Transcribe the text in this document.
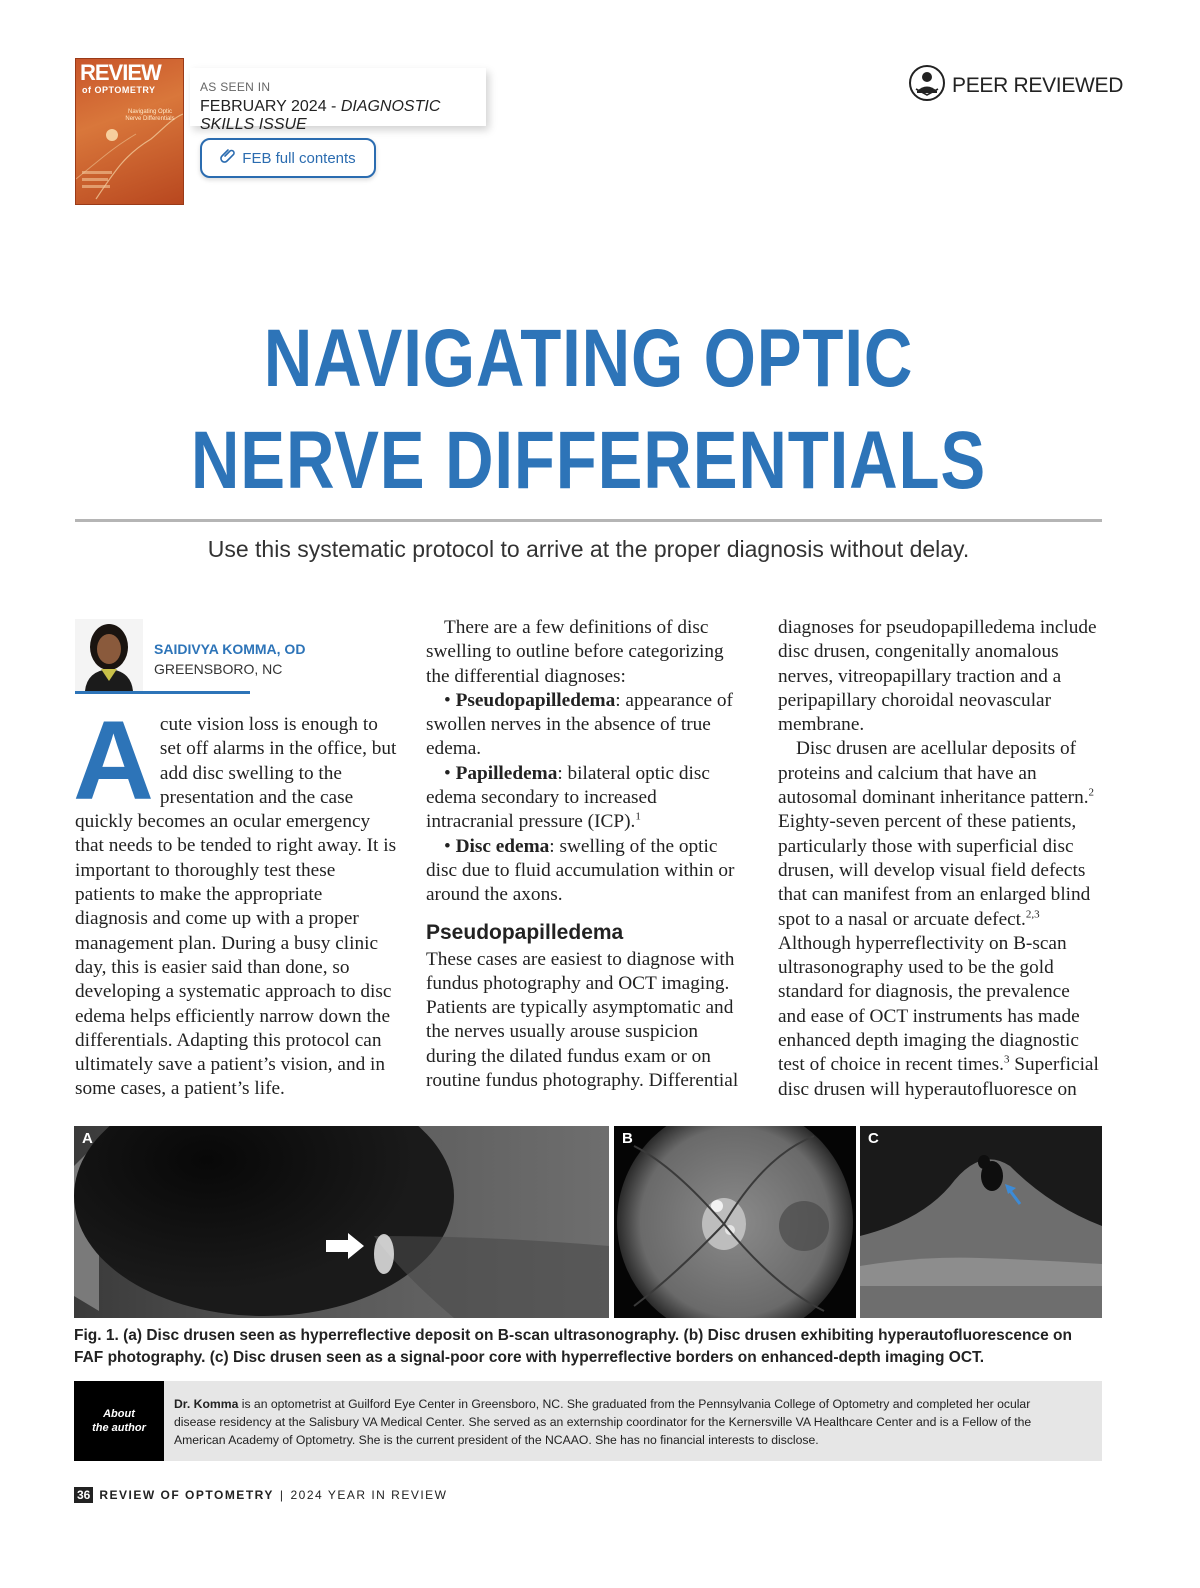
REVIEW
of OPTOMETRY
Navigating Optic Nerve Differentials
AS SEEN IN
FEBRUARY 2024 - DIAGNOSTIC SKILLS ISSUE
FEB full contents
PEER REVIEWED
NAVIGATING OPTIC NERVE DIFFERENTIALS
Use this systematic protocol to arrive at the proper diagnosis without delay.
SAIDIVYA KOMMA, OD
GREENSBORO, NC
A cute vision loss is enough to set off alarms in the office, but add disc swelling to the presentation and the case quickly becomes an ocular emergency that needs to be tended to right away. It is important to thoroughly test these patients to make the appropriate diagnosis and come up with a proper management plan. During a busy clinic day, this is easier said than done, so developing a systematic approach to disc edema helps efficiently narrow down the differentials. Adapting this protocol can ultimately save a patient’s vision, and in some cases, a patient’s life.

There are a few definitions of disc swelling to outline before categorizing the differential diagnoses:

• Pseudopapilledema: appearance of swollen nerves in the absence of true edema.

• Papilledema: bilateral optic disc edema secondary to increased intracranial pressure (ICP).$^1$

• Disc edema: swelling of the optic disc due to fluid accumulation within or around the axons.

Pseudopapilledema

These cases are easiest to diagnose with fundus photography and OCT imaging. Patients are typically asymptomatic and the nerves usually arouse suspicion during the dilated fundus exam or on routine fundus photography. Differential

diagnoses for pseudopapilledema include disc drusen, congenitally anomalous nerves, vitreopapillary traction and a peripapillary choroidal neovascular membrane.

Disc drusen are acellular deposits of proteins and calcium that have an autosomal dominant inheritance pattern.$^2$ Eighty-seven percent of these patients, particularly those with superficial disc drusen, will develop visual field defects that can manifest from an enlarged blind spot to a nasal or arcuate defect.$^{2,3}$ Although hyperreflectivity on B-scan ultrasonography used to be the gold standard for diagnosis, the prevalence and ease of OCT instruments has made enhanced depth imaging the diagnostic test of choice in recent times.$^3$ Superficial disc drusen will hyperautofluoresce on

A	B	C
Fig. 1. (a) Disc drusen seen as hyperreflective deposit on B-scan ultrasonography. (b) Disc drusen exhibiting hyperautofluorescence on FAF photography. (c) Disc drusen seen as a signal-poor core with hyperreflective borders on enhanced-depth imaging OCT.
About
the author
Dr. Komma is an optometrist at Guilford Eye Center in Greensboro, NC. She graduated from the Pennsylvania College of Optometry and completed her ocular disease residency at the Salisbury VA Medical Center. She served as an externship coordinator for the Kernersville VA Healthcare Center and is a Fellow of the American Academy of Optometry. She is the current president of the NCAAO. She has no financial interests to disclose.
36 REVIEW OF OPTOMETRY | 2024 YEAR IN REVIEW
